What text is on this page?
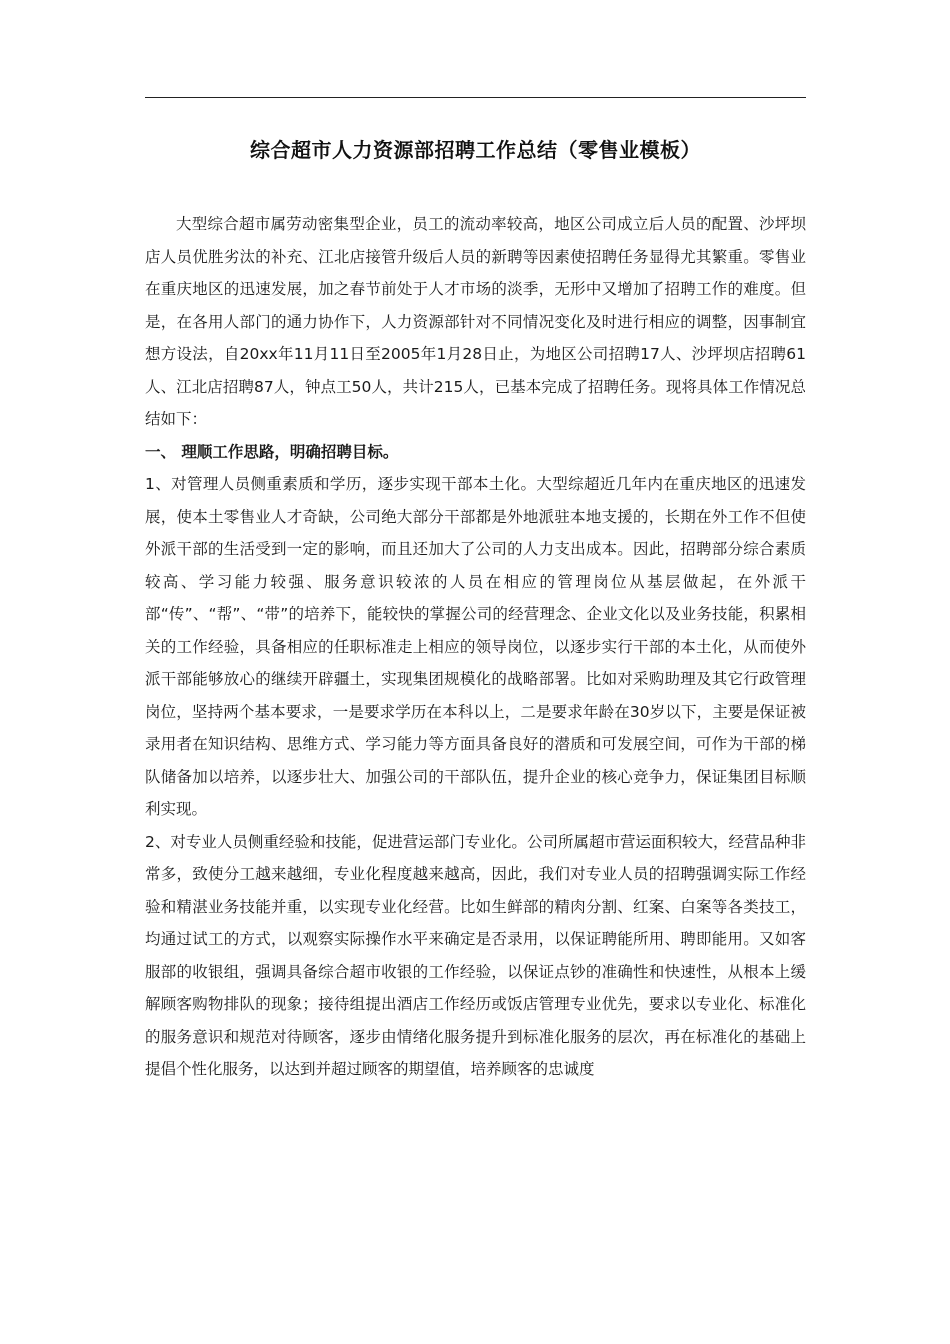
综合超市人力资源部招聘工作总结（零售业模板）

大型综合超市属劳动密集型企业，员工的流动率较高，地区公司成立后人员的配置、沙坪坝店人员优胜劣汰的补充、江北店接管升级后人员的新聘等因素使招聘任务显得尤其繁重。零售业在重庆地区的迅速发展，加之春节前处于人才市场的淡季，无形中又增加了招聘工作的难度。但是，在各用人部门的通力协作下，人力资源部针对不同情况变化及时进行相应的调整，因事制宜想方设法，自20xx年11月11日至2005年1月28日止，为地区公司招聘17人、沙坪坝店招聘61人、江北店招聘87人，钟点工50人，共计215人，已基本完成了招聘任务。现将具体工作情况总结如下：

一、 理顺工作思路，明确招聘目标。

1、对管理人员侧重素质和学历，逐步实现干部本土化。大型综超近几年内在重庆地区的迅速发展，使本土零售业人才奇缺，公司绝大部分干部都是外地派驻本地支援的，长期在外工作不但使外派干部的生活受到一定的影响，而且还加大了公司的人力支出成本。因此，招聘部分综合素质较高、学习能力较强、服务意识较浓的人员在相应的管理岗位从基层做起，在外派干部“传”、“帮”、“带”的培养下，能较快的掌握公司的经营理念、企业文化以及业务技能，积累相关的工作经验，具备相应的任职标准走上相应的领导岗位，以逐步实行干部的本土化，从而使外派干部能够放心的继续开辟疆土，实现集团规模化的战略部署。比如对采购助理及其它行政管理岗位，坚持两个基本要求，一是要求学历在本科以上，二是要求年龄在30岁以下，主要是保证被录用者在知识结构、思维方式、学习能力等方面具备良好的潜质和可发展空间，可作为干部的梯队储备加以培养，以逐步壮大、加强公司的干部队伍，提升企业的核心竞争力，保证集团目标顺利实现。

2、对专业人员侧重经验和技能，促进营运部门专业化。公司所属超市营运面积较大，经营品种非常多，致使分工越来越细，专业化程度越来越高，因此，我们对专业人员的招聘强调实际工作经验和精湛业务技能并重，以实现专业化经营。比如生鲜部的精肉分割、红案、白案等各类技工，均通过试工的方式，以观察实际操作水平来确定是否录用，以保证聘能所用、聘即能用。又如客服部的收银组，强调具备综合超市收银的工作经验，以保证点钞的准确性和快速性，从根本上缓解顾客购物排队的现象；接待组提出酒店工作经历或饭店管理专业优先，要求以专业化、标准化的服务意识和规范对待顾客，逐步由情绪化服务提升到标准化服务的层次，再在标准化的基础上提倡个性化服务，以达到并超过顾客的期望值，培养顾客的忠诚度
